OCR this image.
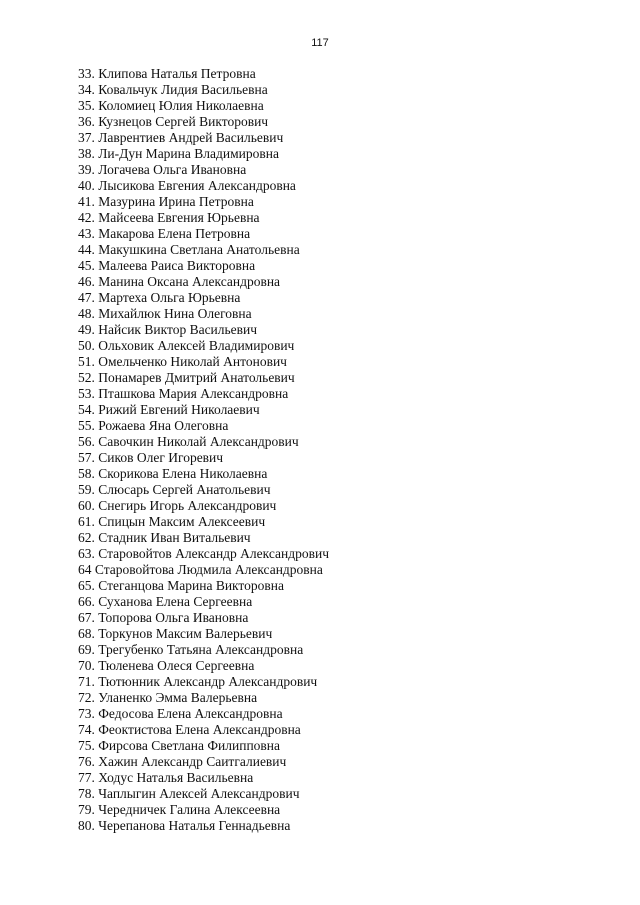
117
33. Клипова Наталья Петровна
34. Ковальчук Лидия Васильевна
35. Коломиец Юлия Николаевна
36. Кузнецов Сергей Викторович
37. Лаврентиев Андрей Васильевич
38. Ли-Дун Марина Владимировна
39. Логачева Ольга Ивановна
40. Лысикова Евгения Александровна
41. Мазурина Ирина Петровна
42. Майсеева Евгения Юрьевна
43. Макарова Елена Петровна
44. Макушкина Светлана Анатольевна
45. Малеева Раиса Викторовна
46. Манина Оксана Александровна
47. Мартеха Ольга Юрьевна
48. Михайлюк Нина Олеговна
49. Найсик Виктор Васильевич
50. Ольховик Алексей Владимирович
51. Омельченко Николай Антонович
52. Понамарев Дмитрий Анатольевич
53. Пташкова Мария Александровна
54. Рижий Евгений Николаевич
55. Рожаева Яна Олеговна
56. Савочкин Николай Александрович
57. Сиков Олег Игоревич
58. Скорикова Елена Николаевна
59. Слюсарь Сергей Анатольевич
60. Снегирь Игорь Александрович
61. Спицын Максим Алексеевич
62. Стадник Иван Витальевич
63. Старовойтов Александр Александрович
64 Старовойтова Людмила Александровна
65. Стеганцова Марина Викторовна
66. Суханова Елена Сергеевна
67. Топорова Ольга Ивановна
68. Торкунов Максим Валерьевич
69. Трегубенко Татьяна Александровна
70. Тюленева Олеся Сергеевна
71. Тютюнник Александр Александрович
72. Уланенко Эмма Валерьевна
73. Федосова Елена Александровна
74. Феоктистова Елена Александровна
75. Фирсова Светлана Филипповна
76. Хажин Александр Саитгалиевич
77. Ходус Наталья Васильевна
78. Чаплыгин Алексей Александрович
79. Чередничек Галина Алексеевна
80. Черепанова Наталья Геннадьевна
